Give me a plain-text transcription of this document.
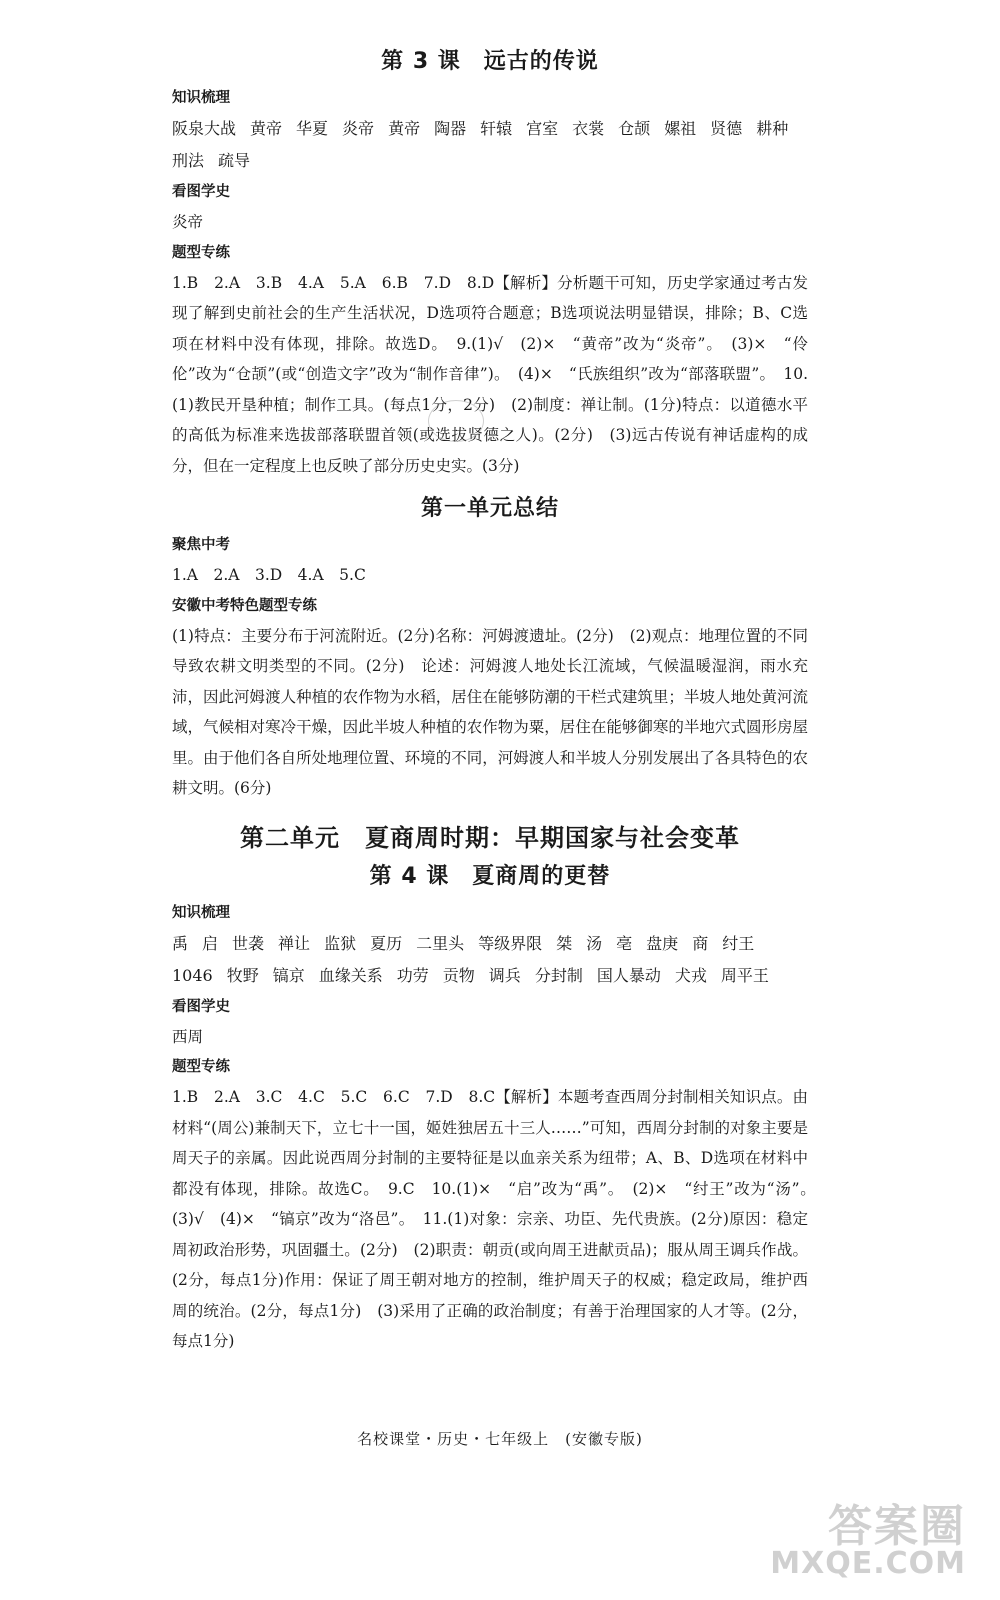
第 3 课　远古的传说

知识梳理

阪泉大战 黄帝 华夏 炎帝 黄帝 陶器 轩辕 宫室 衣裳 仓颉 嫘祖 贤德 耕种刑法 疏导

看图学史

炎帝

题型专练

1.B　2.A　3.B　4.A　5.A　6.B　7.D　8.D【解析】分析题干可知，历史学家通过考古发现了解到史前社会的生产生活状况，D选项符合题意；B选项说法明显错误，排除；B、C选项在材料中没有体现，排除。故选D。　9.(1)√　(2)×　“黄帝”改为“炎帝”。　(3)×　“伶伦”改为“仓颉”(或“创造文字”改为“制作音律”)。　(4)×　“氏族组织”改为“部落联盟”。　10.(1)教民开垦种植；制作工具。(每点1分，2分)　(2)制度：禅让制。(1分)特点：以道德水平的高低为标准来选拔部落联盟首领(或选拔贤德之人)。(2分)　(3)远古传说有神话虚构的成分，但在一定程度上也反映了部分历史史实。(3分)

第一单元总结

聚焦中考

1.A　2.A　3.D　4.A　5.C

安徽中考特色题型专练

(1)特点：主要分布于河流附近。(2分)名称：河姆渡遗址。(2分)　(2)观点：地理位置的不同导致农耕文明类型的不同。(2分)　论述：河姆渡人地处长江流域，气候温暖湿润，雨水充沛，因此河姆渡人种植的农作物为水稻，居住在能够防潮的干栏式建筑里；半坡人地处黄河流域，气候相对寒冷干燥，因此半坡人种植的农作物为粟，居住在能够御寒的半地穴式圆形房屋里。由于他们各自所处地理位置、环境的不同，河姆渡人和半坡人分别发展出了各具特色的农耕文明。(6分)

第二单元　夏商周时期：早期国家与社会变革
第 4 课　夏商周的更替

知识梳理

禹 启 世袭 禅让 监狱 夏历 二里头 等级界限 桀 汤 亳 盘庚 商 纣王1046 牧野 镐京 血缘关系 功劳 贡物 调兵 分封制 国人暴动 犬戎 周平王

看图学史

西周

题型专练

1.B　2.A　3.C　4.C　5.C　6.C　7.D　8.C【解析】本题考查西周分封制相关知识点。由材料“(周公)兼制天下，立七十一国，姬姓独居五十三人……”可知，西周分封制的对象主要是周天子的亲属。因此说西周分封制的主要特征是以血亲关系为纽带；A、B、D选项在材料中都没有体现，排除。故选C。　9.C　10.(1)×　“启”改为“禹”。　(2)×　“纣王”改为“汤”。　(3)√　(4)×　“镐京”改为“洛邑”。　11.(1)对象：宗亲、功臣、先代贵族。(2分)原因：稳定周初政治形势，巩固疆土。(2分)　(2)职责：朝贡(或向周王进献贡品)；服从周王调兵作战。(2分，每点1分)作用：保证了周王朝对地方的控制，维护周天子的权威；稳定政局，维护西周的统治。(2分，每点1分)　(3)采用了正确的政治制度；有善于治理国家的人才等。(2分，每点1分)

名校课堂・历史・七年级上　(安徽专版)
答案圈
MXQE.COM
